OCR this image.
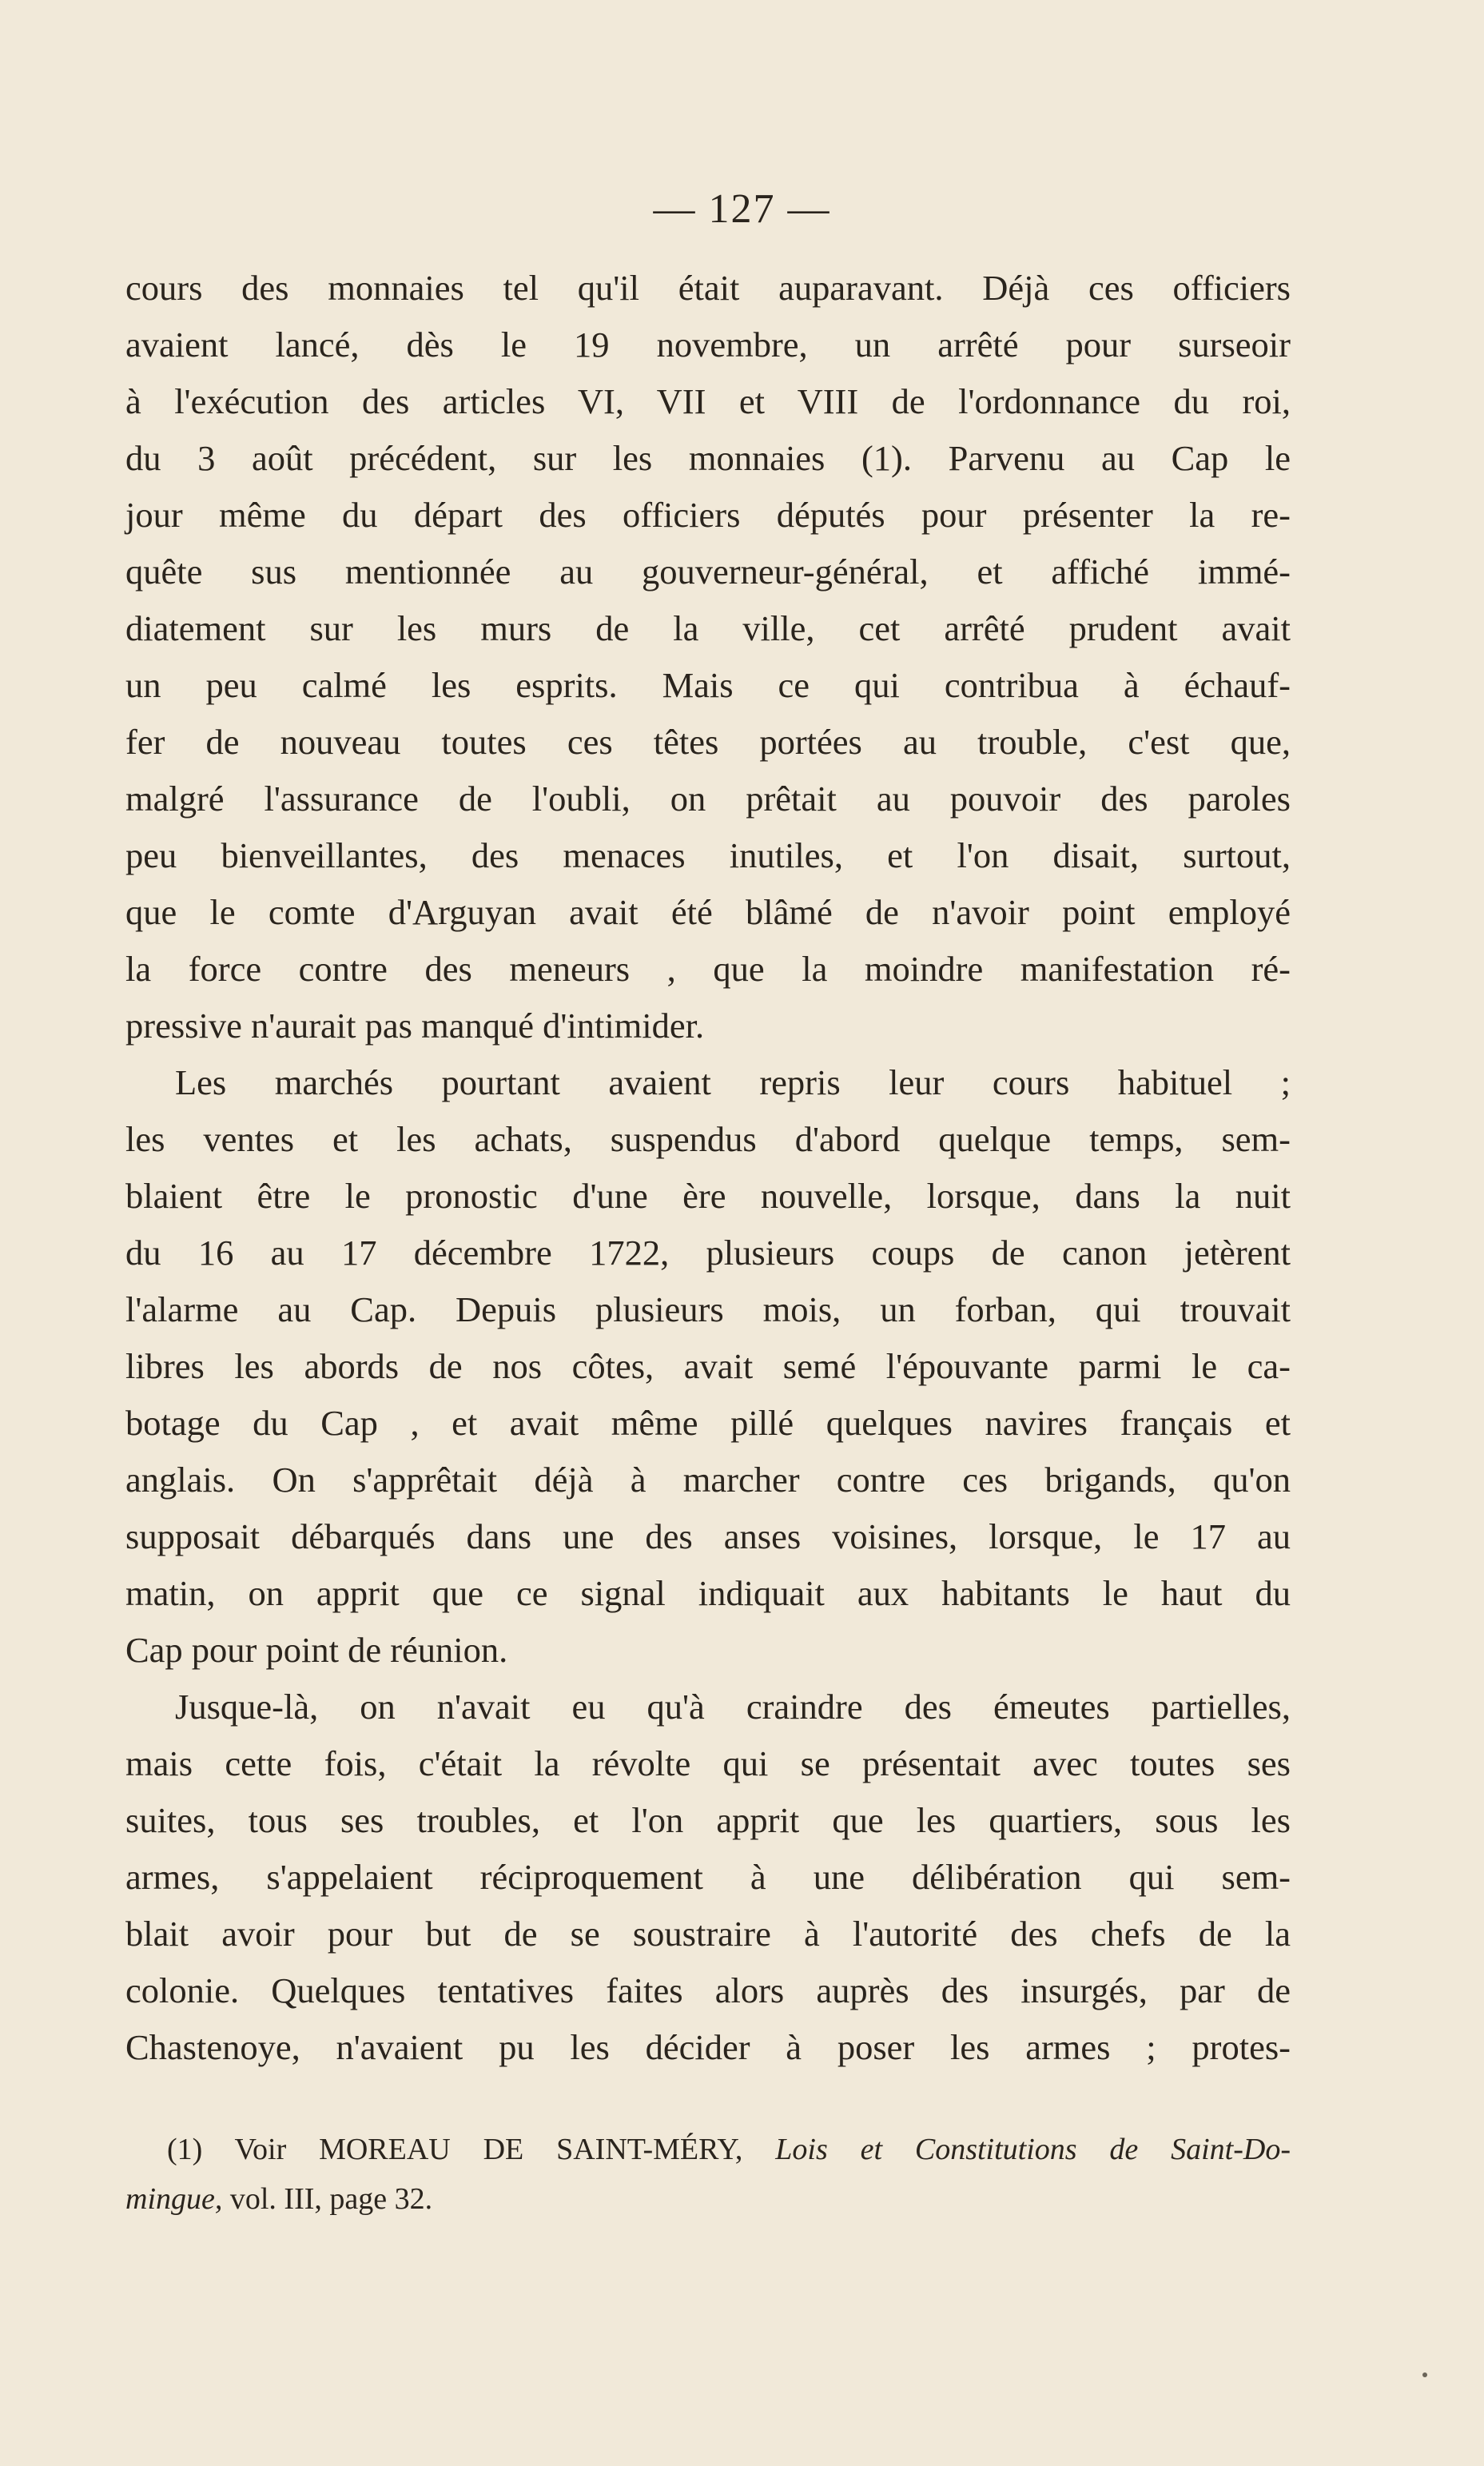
— 127 —
cours des monnaies tel qu'il était auparavant. Déjà ces officiers
avaient lancé, dès le 19 novembre, un arrêté pour surseoir
à l'exécution des articles VI, VII et VIII de l'ordonnance du roi,
du 3 août précédent, sur les monnaies (1). Parvenu au Cap le
jour même du départ des officiers députés pour présenter la re-
quête sus mentionnée au gouverneur-général, et affiché immé-
diatement sur les murs de la ville, cet arrêté prudent avait
un peu calmé les esprits. Mais ce qui contribua à échauf-
fer de nouveau toutes ces têtes portées au trouble, c'est que,
malgré l'assurance de l'oubli, on prêtait au pouvoir des paroles
peu bienveillantes, des menaces inutiles, et l'on disait, surtout,
que le comte d'Arguyan avait été blâmé de n'avoir point employé
la force contre des meneurs , que la moindre manifestation ré-
pressive n'aurait pas manqué d'intimider.
Les marchés pourtant avaient repris leur cours habituel ;
les ventes et les achats, suspendus d'abord quelque temps, sem-
blaient être le pronostic d'une ère nouvelle, lorsque, dans la nuit
du 16 au 17 décembre 1722, plusieurs coups de canon jetèrent
l'alarme au Cap. Depuis plusieurs mois, un forban, qui trouvait
libres les abords de nos côtes, avait semé l'épouvante parmi le ca-
botage du Cap , et avait même pillé quelques navires français et
anglais. On s'apprêtait déjà à marcher contre ces brigands, qu'on
supposait débarqués dans une des anses voisines, lorsque, le 17 au
matin, on apprit que ce signal indiquait aux habitants le haut du
Cap pour point de réunion.
Jusque-là, on n'avait eu qu'à craindre des émeutes partielles,
mais cette fois, c'était la révolte qui se présentait avec toutes ses
suites, tous ses troubles, et l'on apprit que les quartiers, sous les
armes, s'appelaient réciproquement à une délibération qui sem-
blait avoir pour but de se soustraire à l'autorité des chefs de la
colonie. Quelques tentatives faites alors auprès des insurgés, par de
Chastenoye, n'avaient pu les décider à poser les armes ; protes-
(1) Voir MOREAU DE SAINT-MÉRY, Lois et Constitutions de Saint-Do-
mingue, vol. III, page 32.
